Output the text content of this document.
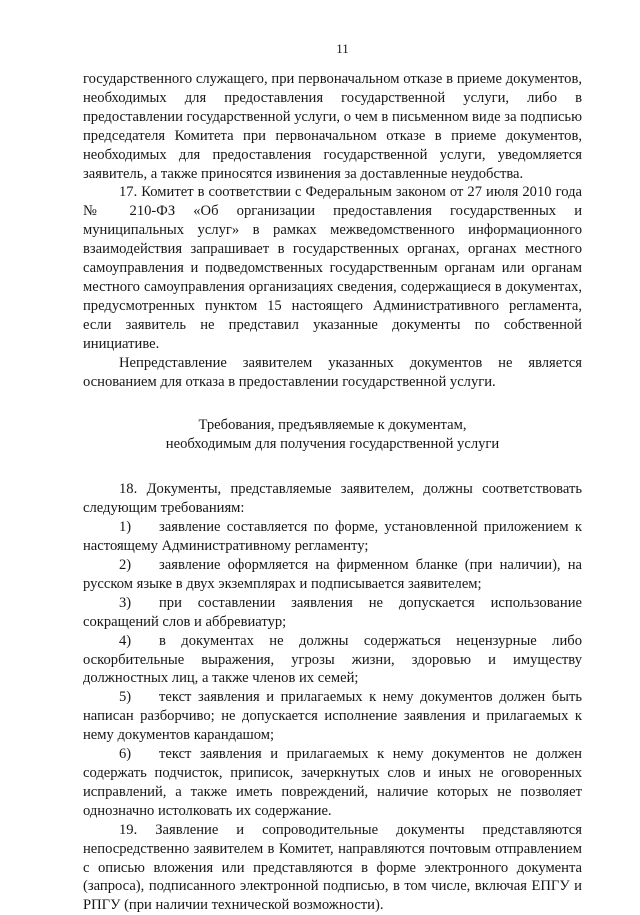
11

государственного служащего, при первоначальном отказе в приеме документов, необходимых для предоставления государственной услуги, либо в предоставлении государственной услуги, о чем в письменном виде за подписью председателя Комитета при первоначальном отказе в приеме документов, необходимых для предоставления государственной услуги, уведомляется заявитель, а также приносятся извинения за доставленные неудобства.

17. Комитет в соответствии с Федеральным законом от 27 июля 2010 года № 210-ФЗ «Об организации предоставления государственных и муниципальных услуг» в рамках межведомственного информационного взаимодействия запрашивает в государственных органах, органах местного самоуправления и подведомственных государственным органам или органам местного самоуправления организациях сведения, содержащиеся в документах, предусмотренных пунктом 15 настоящего Административного регламента, если заявитель не представил указанные документы по собственной инициативе.

Непредставление заявителем указанных документов не является основанием для отказа в предоставлении государственной услуги.

Требования, предъявляемые к документам,
необходимым для получения государственной услуги

18. Документы, представляемые заявителем, должны соответствовать следующим требованиям:

1) заявление составляется по форме, установленной приложением к настоящему Административному регламенту;

2) заявление оформляется на фирменном бланке (при наличии), на русском языке в двух экземплярах и подписывается заявителем;

3) при составлении заявления не допускается использование сокращений слов и аббревиатур;

4) в документах не должны содержаться нецензурные либо оскорбительные выражения, угрозы жизни, здоровью и имуществу должностных лиц, а также членов их семей;

5) текст заявления и прилагаемых к нему документов должен быть написан разборчиво; не допускается исполнение заявления и прилагаемых к нему документов карандашом;

6) текст заявления и прилагаемых к нему документов не должен содержать подчисток, приписок, зачеркнутых слов и иных не оговоренных исправлений, а также иметь повреждений, наличие которых не позволяет однозначно истолковать их содержание.

19. Заявление и сопроводительные документы представляются непосредственно заявителем в Комитет, направляются почтовым отправлением с описью вложения или представляются в форме электронного документа (запроса), подписанного электронной подписью, в том числе, включая ЕПГУ и РПГУ (при наличии технической возможности).
